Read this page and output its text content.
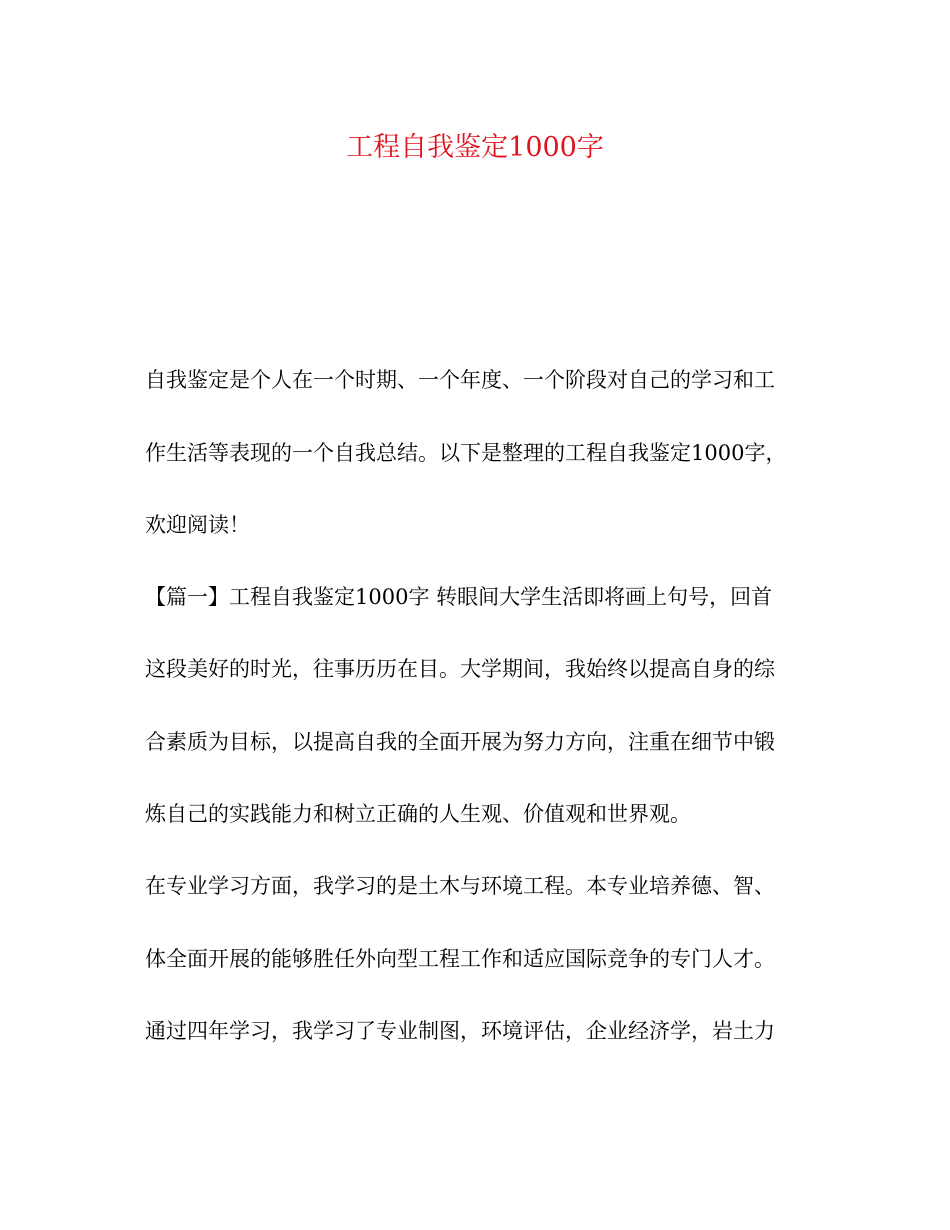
工程自我鉴定1000字

自我鉴定是个人在一个时期、一个年度、一个阶段对自己的学习和工

作生活等表现的一个自我总结。以下是整理的工程自我鉴定1000字，

欢迎阅读！

【篇一】工程自我鉴定1000字 转眼间大学生活即将画上句号，回首

这段美好的时光，往事历历在目。大学期间，我始终以提高自身的综

合素质为目标，以提高自我的全面开展为努力方向，注重在细节中锻

炼自己的实践能力和树立正确的人生观、价值观和世界观。

在专业学习方面，我学习的是土木与环境工程。本专业培养德、智、

体全面开展的能够胜任外向型工程工作和适应国际竞争的专门人才。

通过四年学习，我学习了专业制图，环境评估，企业经济学，岩土力
